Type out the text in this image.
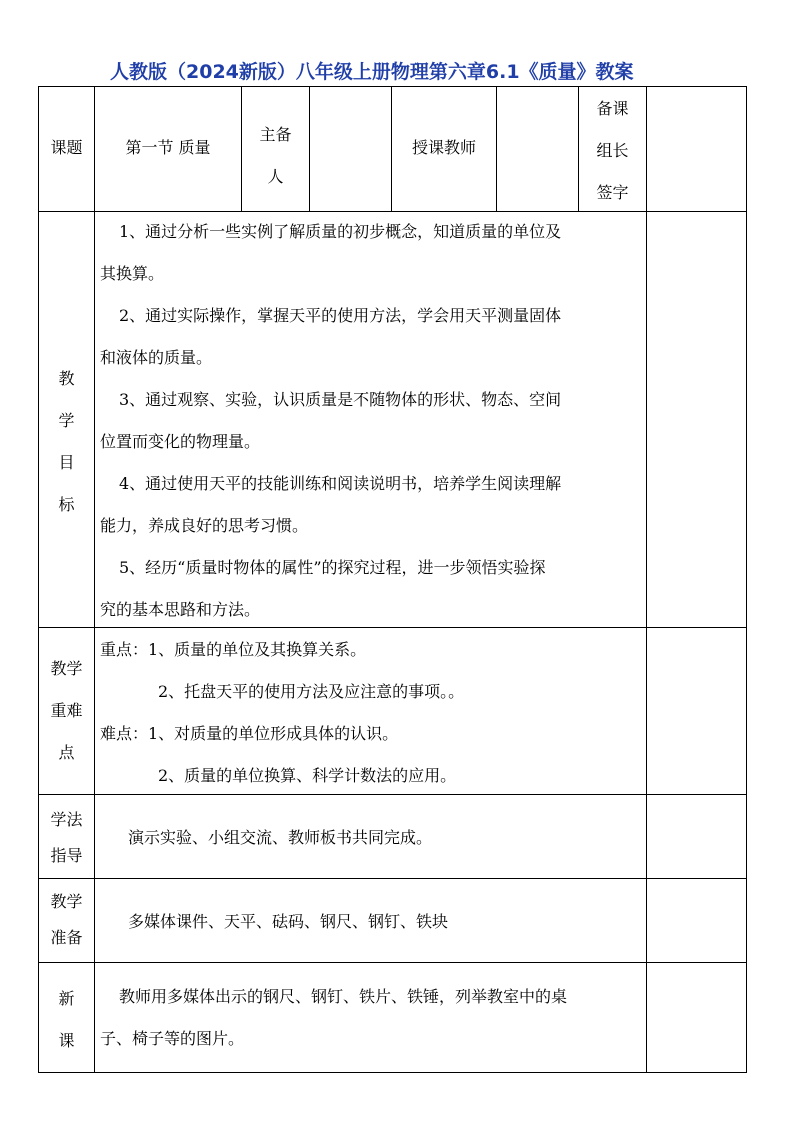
人教版（2024新版）八年级上册物理第六章6.1《质量》教案
课题	第一节 质量
主备
人
授课教师
备课
组长
签字
教
学
目
标
1、通过分析一些实例了解质量的初步概念，知道质量的单位及
其换算。
2、通过实际操作，掌握天平的使用方法，学会用天平测量固体
和液体的质量。
3、通过观察、实验，认识质量是不随物体的形状、物态、空间
位置而变化的物理量。
4、通过使用天平的技能训练和阅读说明书，培养学生阅读理解
能力，养成良好的思考习惯。
5、经历“质量时物体的属性”的探究过程，进一步领悟实验探
究的基本思路和方法。
教学
重难
点
重点：1、质量的单位及其换算关系。
2、托盘天平的使用方法及应注意的事项。。
难点：1、对质量的单位形成具体的认识。
2、质量的单位换算、科学计数法的应用。
学法
指导
演示实验、小组交流、教师板书共同完成。
教学
准备
多媒体课件、天平、砝码、钢尺、钢钉、铁块
新
课
教师用多媒体出示的钢尺、钢钉、铁片、铁锤，列举教室中的桌
子、椅子等的图片。
